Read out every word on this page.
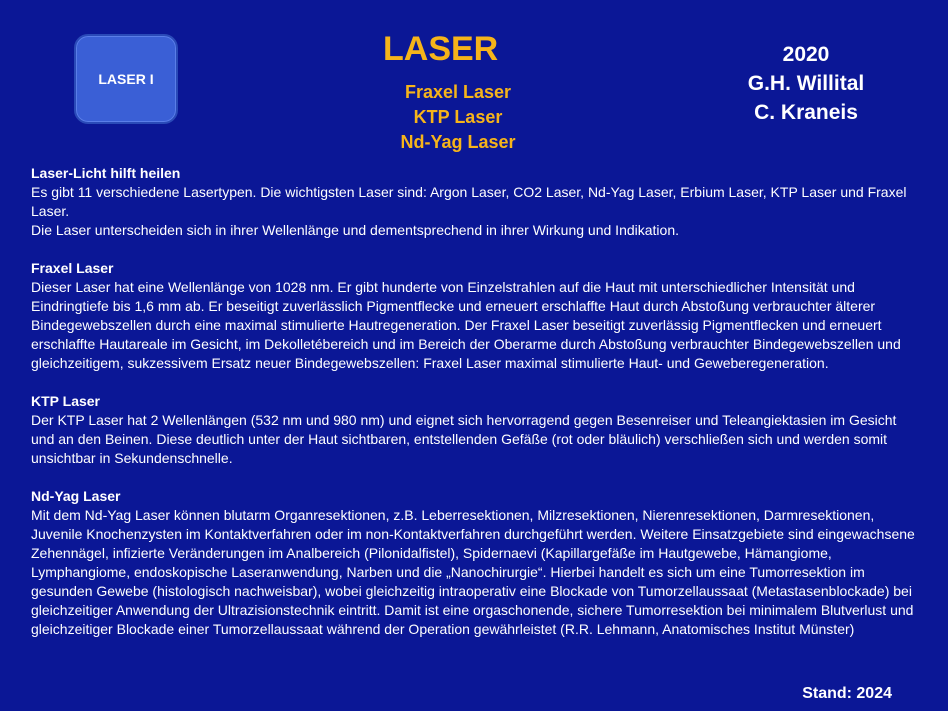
LASER I
LASER
Fraxel Laser
KTP Laser
Nd-Yag Laser
2020
G.H. Willital
C. Kraneis
Laser-Licht hilft heilen

Es gibt 11 verschiedene Lasertypen. Die wichtigsten Laser sind: Argon Laser, CO2 Laser, Nd-Yag Laser, Erbium Laser, KTP Laser und Fraxel Laser.

Die Laser unterscheiden sich in ihrer Wellenlänge und dementsprechend in ihrer Wirkung und Indikation.

Fraxel Laser

Dieser Laser hat eine Wellenlänge von 1028 nm. Er gibt hunderte von Einzelstrahlen auf die Haut mit unterschiedlicher Intensität und Eindringtiefe bis 1,6 mm ab. Er beseitigt zuverlässlich Pigmentflecke und erneuert erschlaffte Haut durch Abstoßung verbrauchter älterer Bindegewebszellen durch eine maximal stimulierte Hautregeneration. Der Fraxel Laser beseitigt zuverlässig Pigmentflecken und erneuert erschlaffte Hautareale im Gesicht, im Dekolletébereich und im Bereich der Oberarme durch Abstoßung verbrauchter Bindegewebszellen und gleichzeitigem, sukzessivem Ersatz neuer Bindegewebszellen: Fraxel Laser maximal stimulierte Haut- und Geweberegeneration.

KTP Laser

Der KTP Laser hat 2 Wellenlängen (532 nm und 980 nm) und eignet sich hervorragend gegen Besenreiser und Teleangiektasien im Gesicht und an den Beinen. Diese deutlich unter der Haut sichtbaren, entstellenden Gefäße (rot oder bläulich) verschließen sich und werden somit unsichtbar in Sekundenschnelle.

Nd-Yag Laser

Mit dem Nd-Yag Laser können blutarm Organresektionen, z.B. Leberresektionen, Milzresektionen, Nierenresektionen, Darmresektionen, Juvenile Knochenzysten im Kontaktverfahren oder im non-Kontaktverfahren durchgeführt werden. Weitere Einsatzgebiete sind eingewachsene Zehennägel, infizierte Veränderungen im Analbereich (Pilonidalfistel), Spidernaevi (Kapillargefäße im Hautgewebe, Hämangiome, Lymphangiome, endoskopische Laseranwendung, Narben und die „Nanochirurgie“. Hierbei handelt es sich um eine Tumorresektion im gesunden Gewebe (histologisch nachweisbar), wobei gleichzeitig intraoperativ eine Blockade von Tumorzellaussaat (Metastasenblockade) bei gleichzeitiger Anwendung der Ultrazisionstechnik eintritt. Damit ist eine orgaschonende, sichere Tumorresektion bei minimalem Blutverlust und gleichzeitiger Blockade einer Tumorzellaussaat während der Operation gewährleistet (R.R. Lehmann, Anatomisches Institut Münster)

Stand: 2024
